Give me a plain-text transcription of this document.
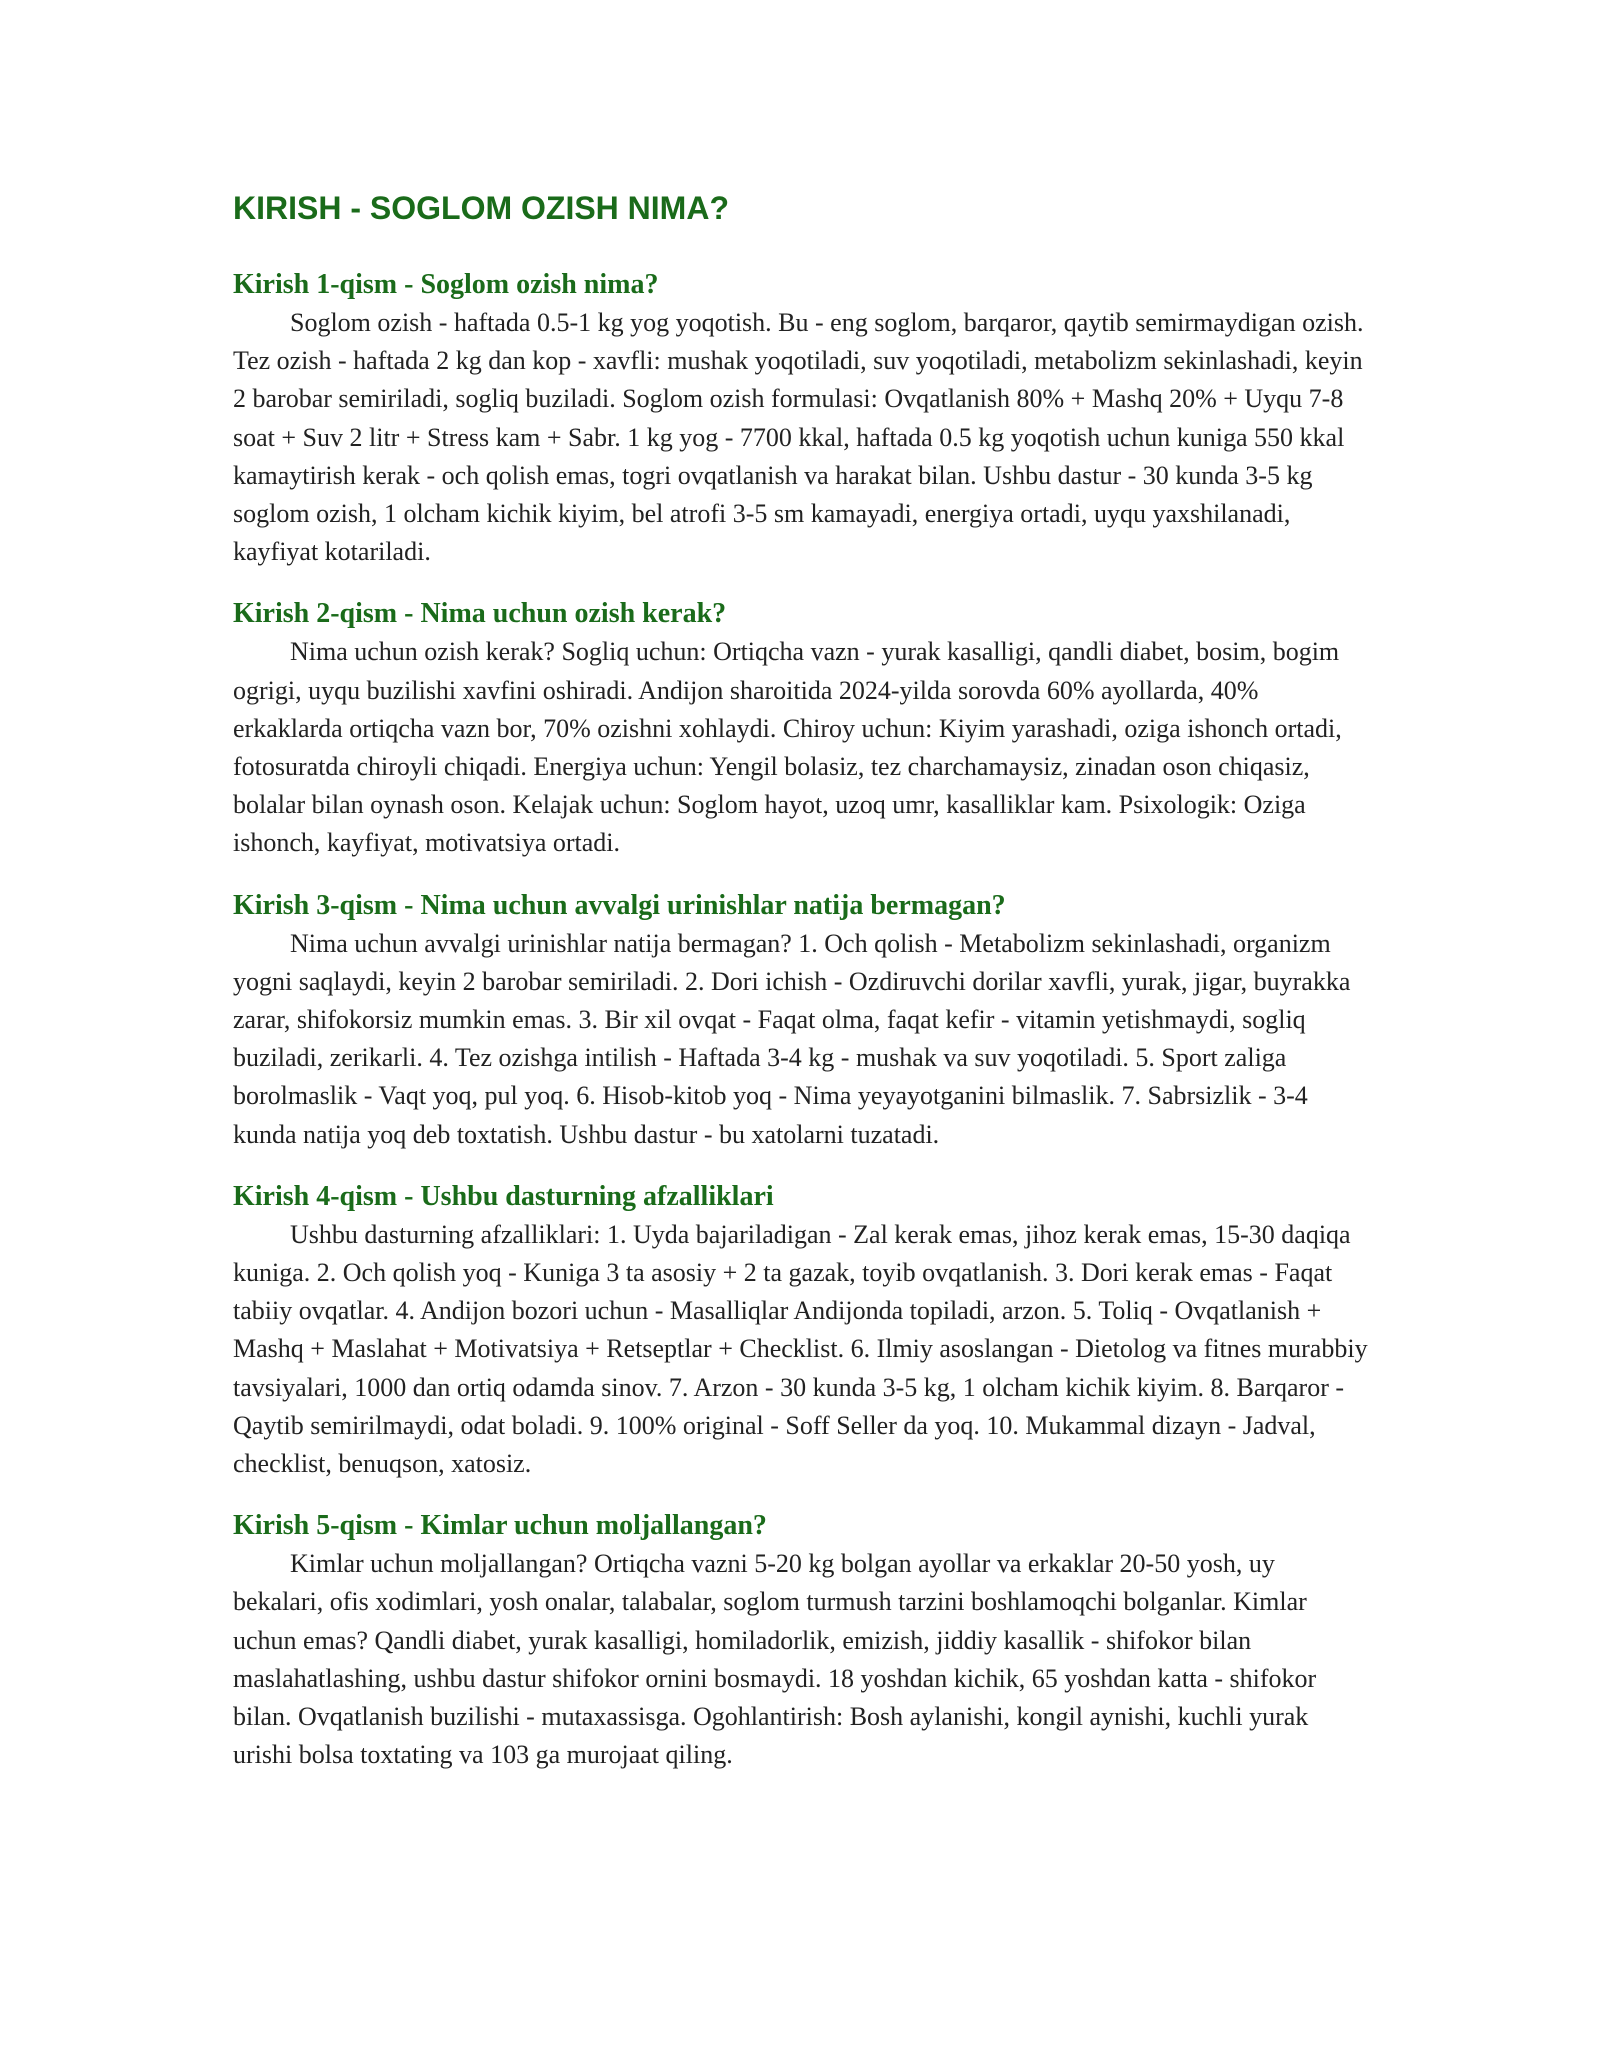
KIRISH - SOGLOM OZISH NIMA?
Kirish 1-qism - Soglom ozish nima?

Soglom ozish - haftada 0.5-1 kg yog yoqotish. Bu - eng soglom, barqaror, qaytib semirmaydigan ozish. Tez ozish - haftada 2 kg dan kop - xavfli: mushak yoqotiladi, suv yoqotiladi, metabolizm sekinlashadi, keyin 2 barobar semiriladi, sogliq buziladi. Soglom ozish formulasi: Ovqatlanish 80% + Mashq 20% + Uyqu 7-8 soat + Suv 2 litr + Stress kam + Sabr. 1 kg yog - 7700 kkal, haftada 0.5 kg yoqotish uchun kuniga 550 kkal kamaytirish kerak - och qolish emas, togri ovqatlanish va harakat bilan. Ushbu dastur - 30 kunda 3-5 kg soglom ozish, 1 olcham kichik kiyim, bel atrofi 3-5 sm kamayadi, energiya ortadi, uyqu yaxshilanadi, kayfiyat kotariladi.

Kirish 2-qism - Nima uchun ozish kerak?

Nima uchun ozish kerak? Sogliq uchun: Ortiqcha vazn - yurak kasalligi, qandli diabet, bosim, bogim ogrigi, uyqu buzilishi xavfini oshiradi. Andijon sharoitida 2024-yilda sorovda 60% ayollarda, 40% erkaklarda ortiqcha vazn bor, 70% ozishni xohlaydi. Chiroy uchun: Kiyim yarashadi, oziga ishonch ortadi, fotosuratda chiroyli chiqadi. Energiya uchun: Yengil bolasiz, tez charchamaysiz, zinadan oson chiqasiz, bolalar bilan oynash oson. Kelajak uchun: Soglom hayot, uzoq umr, kasalliklar kam. Psixologik: Oziga ishonch, kayfiyat, motivatsiya ortadi.

Kirish 3-qism - Nima uchun avvalgi urinishlar natija bermagan?

Nima uchun avvalgi urinishlar natija bermagan? 1. Och qolish - Metabolizm sekinlashadi, organizm yogni saqlaydi, keyin 2 barobar semiriladi. 2. Dori ichish - Ozdiruvchi dorilar xavfli, yurak, jigar, buyrakka zarar, shifokorsiz mumkin emas. 3. Bir xil ovqat - Faqat olma, faqat kefir - vitamin yetishmaydi, sogliq buziladi, zerikarli. 4. Tez ozishga intilish - Haftada 3-4 kg - mushak va suv yoqotiladi. 5. Sport zaliga borolmaslik - Vaqt yoq, pul yoq. 6. Hisob-kitob yoq - Nima yeyayotganini bilmaslik. 7. Sabrsizlik - 3-4 kunda natija yoq deb toxtatish. Ushbu dastur - bu xatolarni tuzatadi.

Kirish 4-qism - Ushbu dasturning afzalliklari

Ushbu dasturning afzalliklari: 1. Uyda bajariladigan - Zal kerak emas, jihoz kerak emas, 15-30 daqiqa kuniga. 2. Och qolish yoq - Kuniga 3 ta asosiy + 2 ta gazak, toyib ovqatlanish. 3. Dori kerak emas - Faqat tabiiy ovqatlar. 4. Andijon bozori uchun - Masalliqlar Andijonda topiladi, arzon. 5. Toliq - Ovqatlanish + Mashq + Maslahat + Motivatsiya + Retseptlar + Checklist. 6. Ilmiy asoslangan - Dietolog va fitnes murabbiy tavsiyalari, 1000 dan ortiq odamda sinov. 7. Arzon - 30 kunda 3-5 kg, 1 olcham kichik kiyim. 8. Barqaror - Qaytib semirilmaydi, odat boladi. 9. 100% original - Soff Seller da yoq. 10. Mukammal dizayn - Jadval, checklist, benuqson, xatosiz.

Kirish 5-qism - Kimlar uchun moljallangan?

Kimlar uchun moljallangan? Ortiqcha vazni 5-20 kg bolgan ayollar va erkaklar 20-50 yosh, uy bekalari, ofis xodimlari, yosh onalar, talabalar, soglom turmush tarzini boshlamoqchi bolganlar. Kimlar uchun emas? Qandli diabet, yurak kasalligi, homiladorlik, emizish, jiddiy kasallik - shifokor bilan maslahatlashing, ushbu dastur shifokor ornini bosmaydi. 18 yoshdan kichik, 65 yoshdan katta - shifokor bilan. Ovqatlanish buzilishi - mutaxassisga. Ogohlantirish: Bosh aylanishi, kongil aynishi, kuchli yurak urishi bolsa toxtating va 103 ga murojaat qiling.
